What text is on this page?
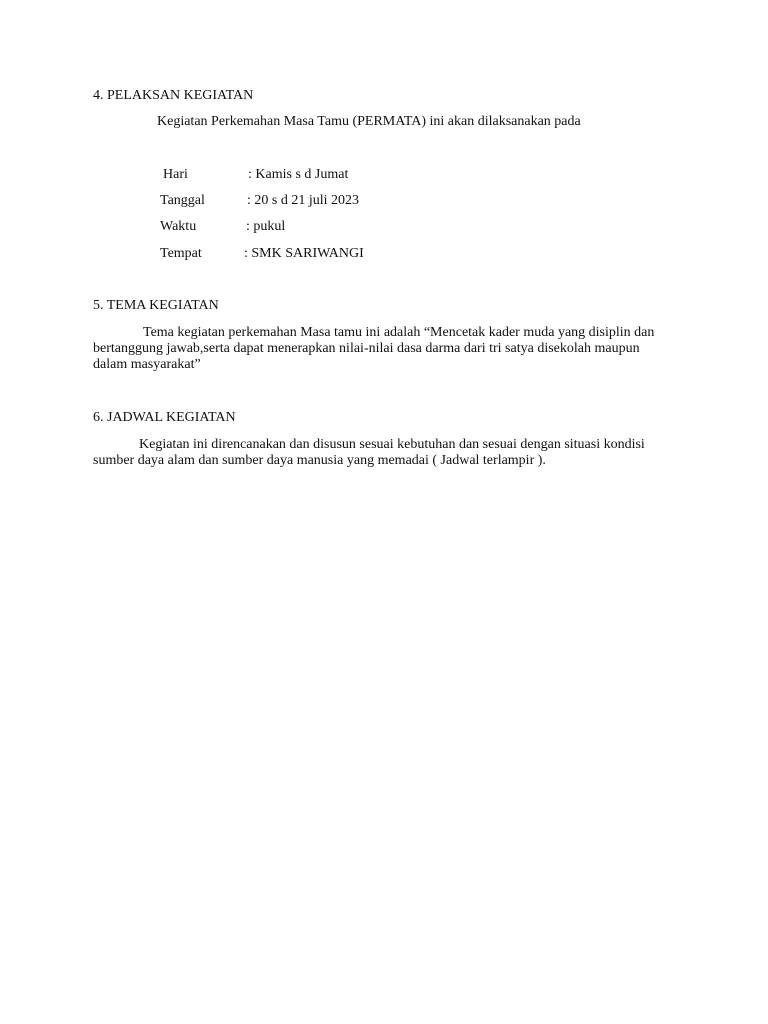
4. PELAKSAN KEGIATAN
Kegiatan Perkemahan Masa Tamu (PERMATA) ini akan dilaksanakan pada
Hari	: Kamis s d Jumat
Tanggal	: 20 s d 21 juli 2023
Waktu	: pukul
Tempat	: SMK SARIWANGI
5. TEMA KEGIATAN

Tema kegiatan perkemahan Masa tamu ini adalah “Mencetak kader muda yang disiplin dan bertanggung jawab,serta dapat menerapkan nilai-nilai dasa darma dari tri satya disekolah maupun dalam masyarakat”

6. JADWAL KEGIATAN

Kegiatan ini direncanakan dan disusun sesuai kebutuhan dan sesuai dengan situasi kondisi sumber daya alam dan sumber daya manusia yang memadai ( Jadwal terlampir ).
